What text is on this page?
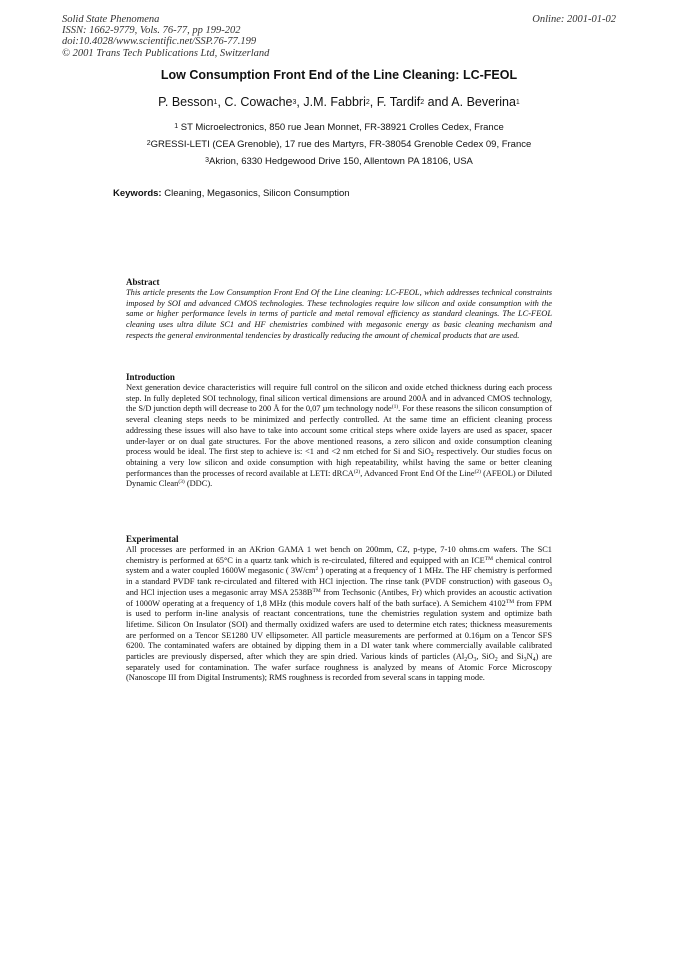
Solid State Phenomena
ISSN: 1662-9779, Vols. 76-77, pp 199-202
doi:10.4028/www.scientific.net/SSP.76-77.199
© 2001 Trans Tech Publications Ltd, Switzerland
Online: 2001-01-02
Low Consumption Front End of the Line Cleaning: LC-FEOL
P. Besson$^1$, C. Cowache$^3$, J.M. Fabbri$^2$, F. Tardif$^2$ and A. Beverina$^1$
$^1$ ST Microelectronics, 850 rue Jean Monnet, FR-38921 Crolles Cedex, France
$^2$GRESSI-LETI (CEA Grenoble), 17 rue des Martyrs, FR-38054 Grenoble Cedex 09, France
$^3$Akrion, 6330 Hedgewood Drive 150, Allentown PA 18106, USA
Keywords: Cleaning, Megasonics, Silicon Consumption
Abstract

This article presents the Low Consumption Front End Of the Line cleaning: LC-FEOL, which addresses technical constraints imposed by SOI and advanced CMOS technologies. These technologies require low silicon and oxide consumption with the same or higher performance levels in terms of particle and metal removal efficiency as standard cleanings. The LC-FEOL cleaning uses ultra dilute SC1 and HF chemistries combined with megasonic energy as basic cleaning mechanism and respects the general environmental tendencies by drastically reducing the amount of chemical products that are used.

Introduction

Next generation device characteristics will require full control on the silicon and oxide etched thickness during each process step. In fully depleted SOI technology, final silicon vertical dimensions are around 200Å and in advanced CMOS technology, the S/D junction depth will decrease to 200 Å for the 0,07 µm technology node$^{(1)}$. For these reasons the silicon consumption of several cleaning steps needs to be minimized and perfectly controlled. At the same time an efficient cleaning process addressing these issues will also have to take into account some critical steps where oxide layers are used as spacer, spacer under-layer or on dual gate structures. For the above mentioned reasons, a zero silicon and oxide consumption cleaning process would be ideal. The first step to achieve is: <1 and <2 nm etched for Si and SiO$_2$ respectively. Our studies focus on obtaining a very low silicon and oxide consumption with high repeatability, whilst having the same or better cleaning performances than the processes of record available at LETI: dRCA$^{(2)}$, Advanced Front End Of the Line$^{(2)}$ (AFEOL) or Diluted Dynamic Clean$^{(3)}$ (DDC).

Experimental

All processes are performed in an AKrion GAMA 1 wet bench on 200mm, CZ, p-type, 7-10 ohms.cm wafers. The SC1 chemistry is performed at 65°C in a quartz tank which is re-circulated, filtered and equipped with an ICE™ chemical control system and a water coupled 1600W megasonic ( $3W/cm^2$ ) operating at a frequency of 1 MHz. The HF chemistry is performed in a standard PVDF tank re-circulated and filtered with HCl injection. The rinse tank (PVDF construction) with gaseous $O_3$ and HCl injection uses a megasonic array MSA 2538B™ from Techsonic (Antibes, Fr) which provides an acoustic activation of 1000W operating at a frequency of 1,8 MHz (this module covers half of the bath surface). A Semichem 4102™ from FPM is used to perform in-line analysis of reactant concentrations, tune the chemistries regulation system and optimize bath lifetime. Silicon On Insulator (SOI) and thermally oxidized wafers are used to determine etch rates; thickness measurements are performed on a Tencor SE1280 UV ellipsometer. All particle measurements are performed at 0.16µm on a Tencor SFS 6200. The contaminated wafers are obtained by dipping them in a DI water tank where commercially available calibrated particles are previously dispersed, after which they are spin dried. Various kinds of particles ($Al_2O_3$, SiO$_2$ and $Si_3N_4$) are separately used for contamination. The wafer surface roughness is analyzed by means of Atomic Force Microscopy (Nanoscope III from Digital Instruments); RMS roughness is recorded from several scans in tapping mode.
